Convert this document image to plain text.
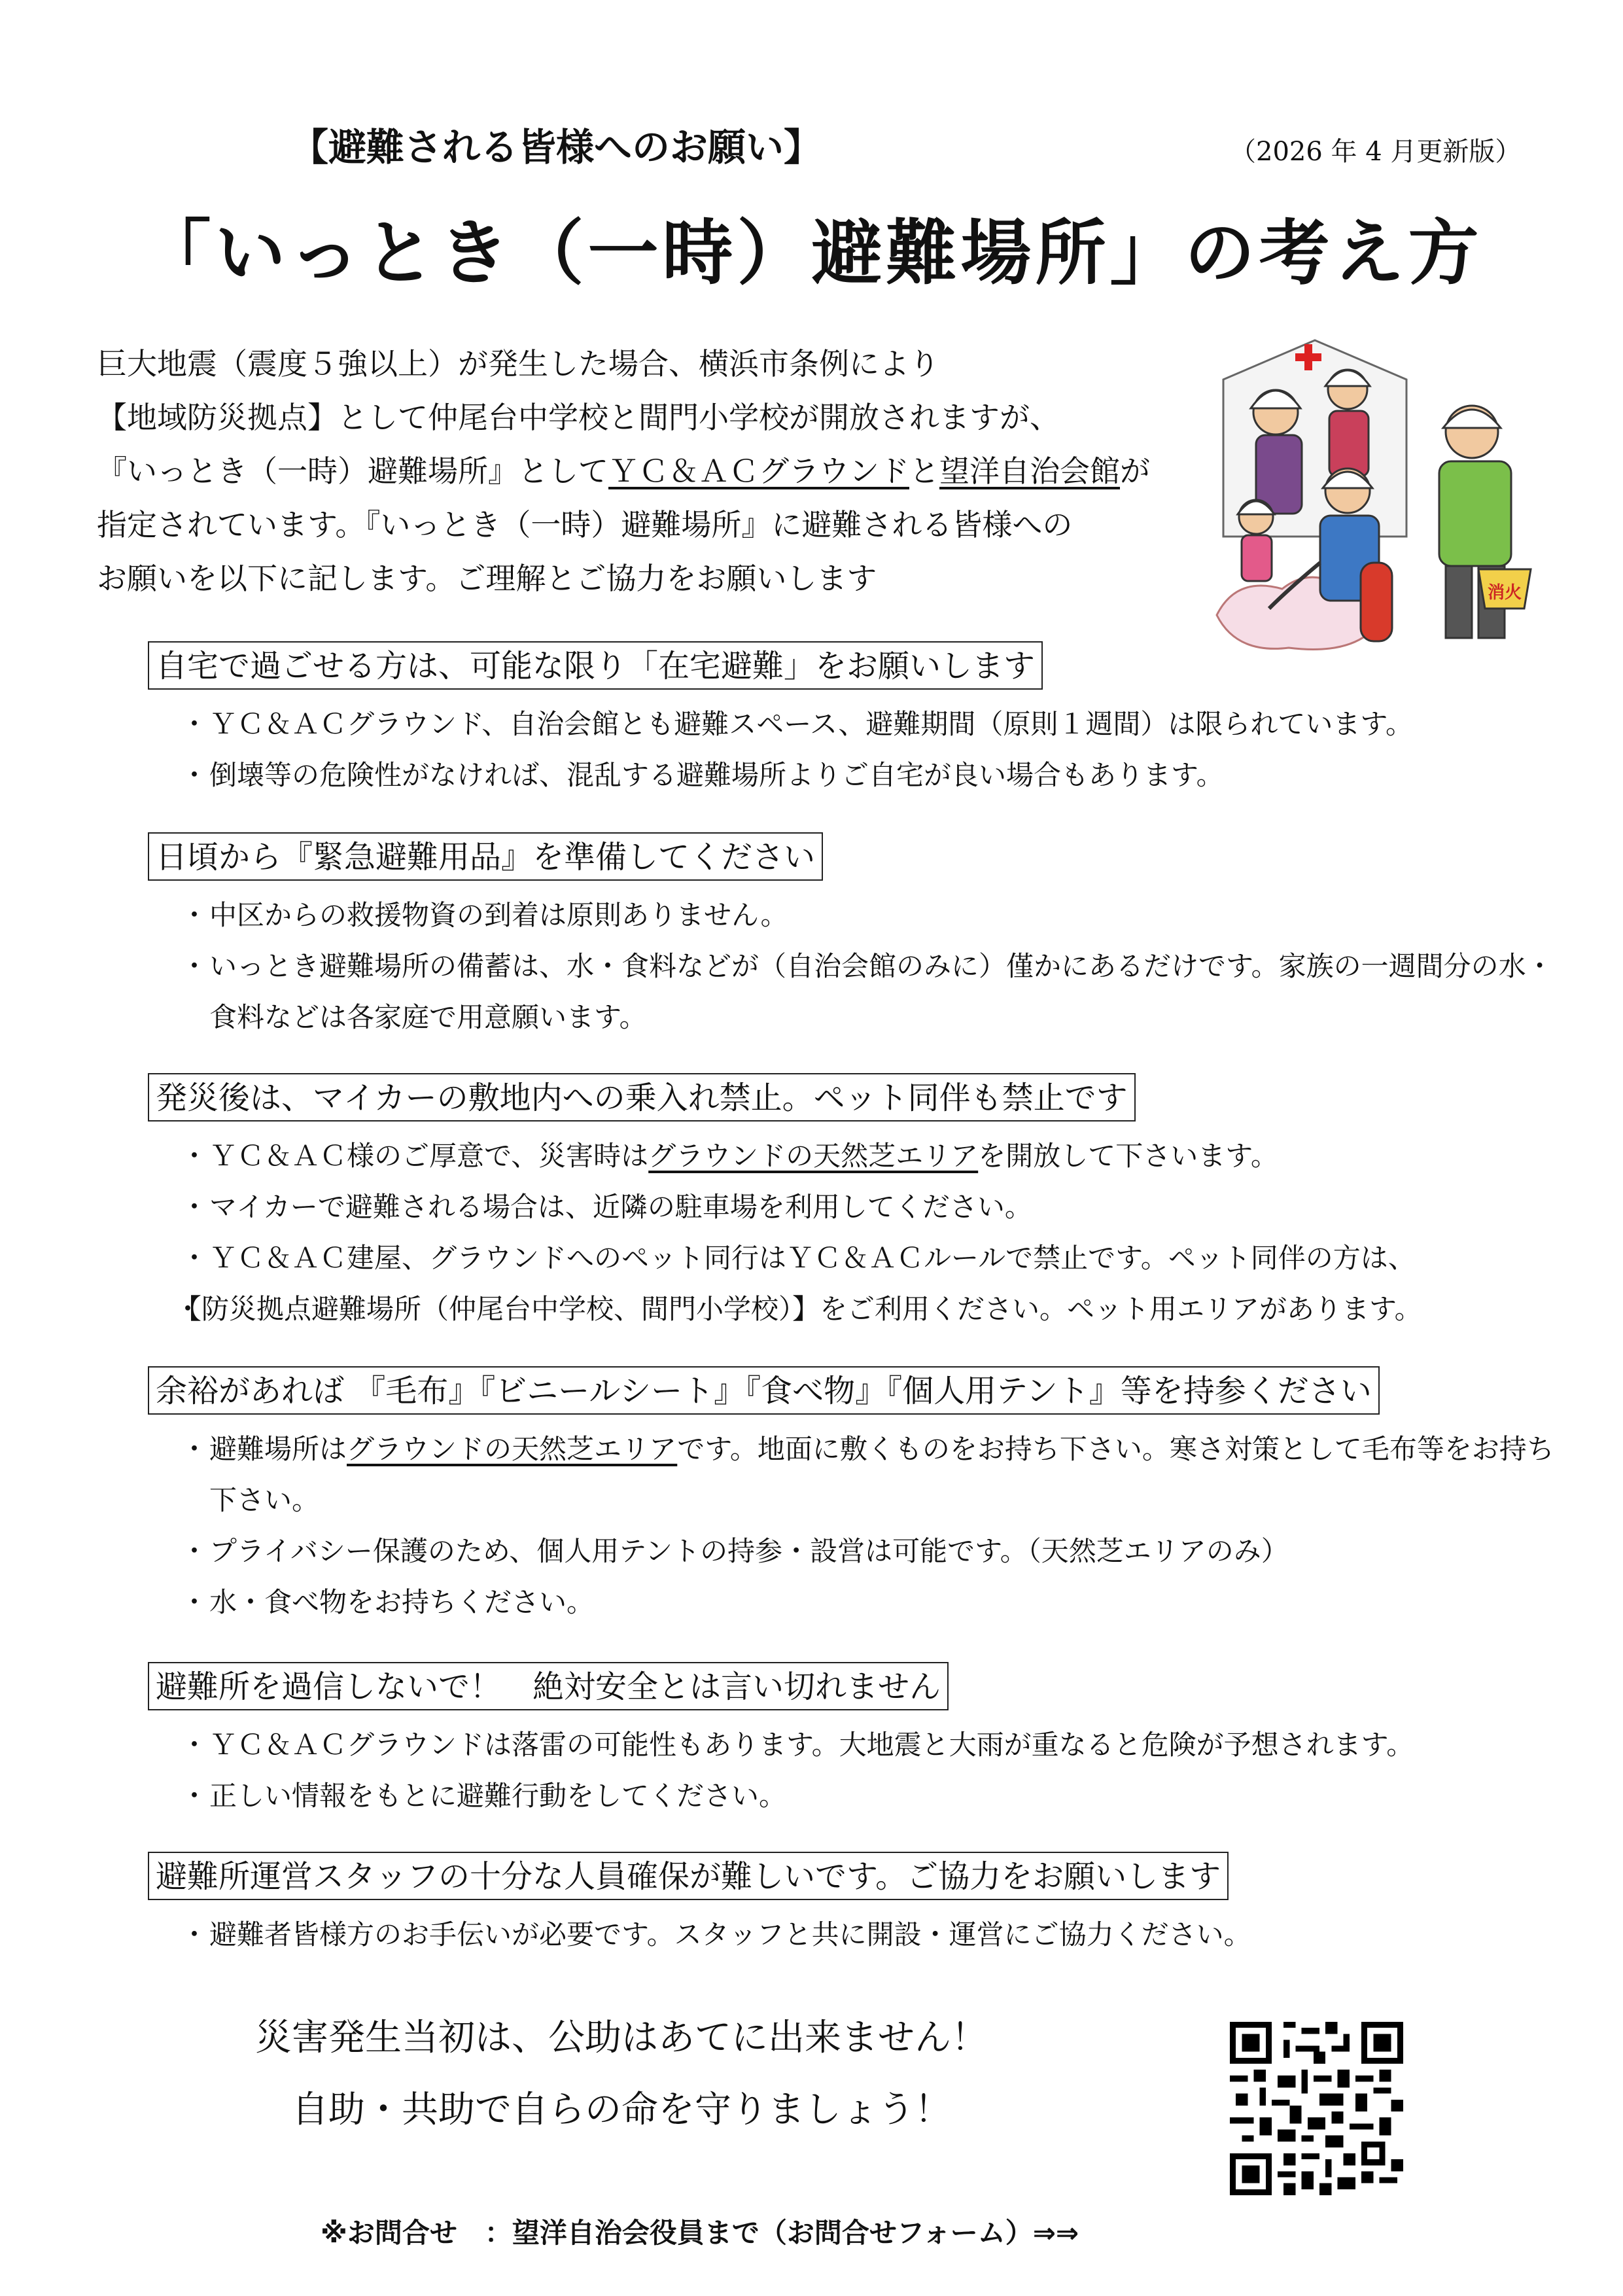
【避難される皆様へのお願い】	（2026 年 4 月更新版）
「いっとき（一時）避難場所」の考え方

巨大地震（震度５強以上）が発生した場合、横浜市条例により

【地域防災拠点】として仲尾台中学校と間門小学校が開放されますが、

『いっとき（一時）避難場所』としてＹＣ＆ＡＣグラウンドと望洋自治会館が

指定されています。『いっとき（一時）避難場所』に避難される皆様への

お願いを以下に記します。ご理解とご協力をお願いします	消火
自宅で過ごせる方は、可能な限り「在宅避難」をお願いします
・ ＹＣ＆ＡＣグラウンド、自治会館とも避難スペース、避難期間（原則１週間）は限られています。
・ 倒壊等の危険性がなければ、混乱する避難場所よりご自宅が良い場合もあります。
日頃から『緊急避難用品』を準備してください
・ 中区からの救援物資の到着は原則ありません。
・ いっとき避難場所の備蓄は、水・食料などが（自治会館のみに）僅かにあるだけです。家族の一週間分の水・食料などは各家庭で用意願います。
発災後は、マイカーの敷地内への乗入れ禁止。ペット同伴も禁止です
・ ＹＣ＆ＡＣ様のご厚意で、災害時はグラウンドの天然芝エリアを開放して下さいます。
・ マイカーで避難される場合は、近隣の駐車場を利用してください。
・ ＹＣ＆ＡＣ建屋、グラウンドへのペット同行はＹＣ＆ＡＣルールで禁止です。ペット同伴の方は、
・ 【防災拠点避難場所（仲尾台中学校、間門小学校）】をご利用ください。ペット用エリアがあります。
余裕があれば 『毛布』『ビニールシート』『食べ物』『個人用テント』等を持参ください
・ 避難場所はグラウンドの天然芝エリアです。地面に敷くものをお持ち下さい。寒さ対策として毛布等をお持ち下さい。
・ プライバシー保護のため、個人用テントの持参・設営は可能です。（天然芝エリアのみ）
・ 水・食べ物をお持ちください。
避難所を過信しないで！　絶対安全とは言い切れません
・ ＹＣ＆ＡＣグラウンドは落雷の可能性もあります。大地震と大雨が重なると危険が予想されます。
・ 正しい情報をもとに避難行動をしてください。
避難所運営スタッフの十分な人員確保が難しいです。ご協力をお願いします
・ 避難者皆様方のお手伝いが必要です。スタッフと共に開設・運営にご協力ください。
災害発生当初は、公助はあてに出来ません！
自助・共助で自らの命を守りましょう！
※お問合せ　：望洋自治会役員まで（お問合せフォーム）⇒⇒
